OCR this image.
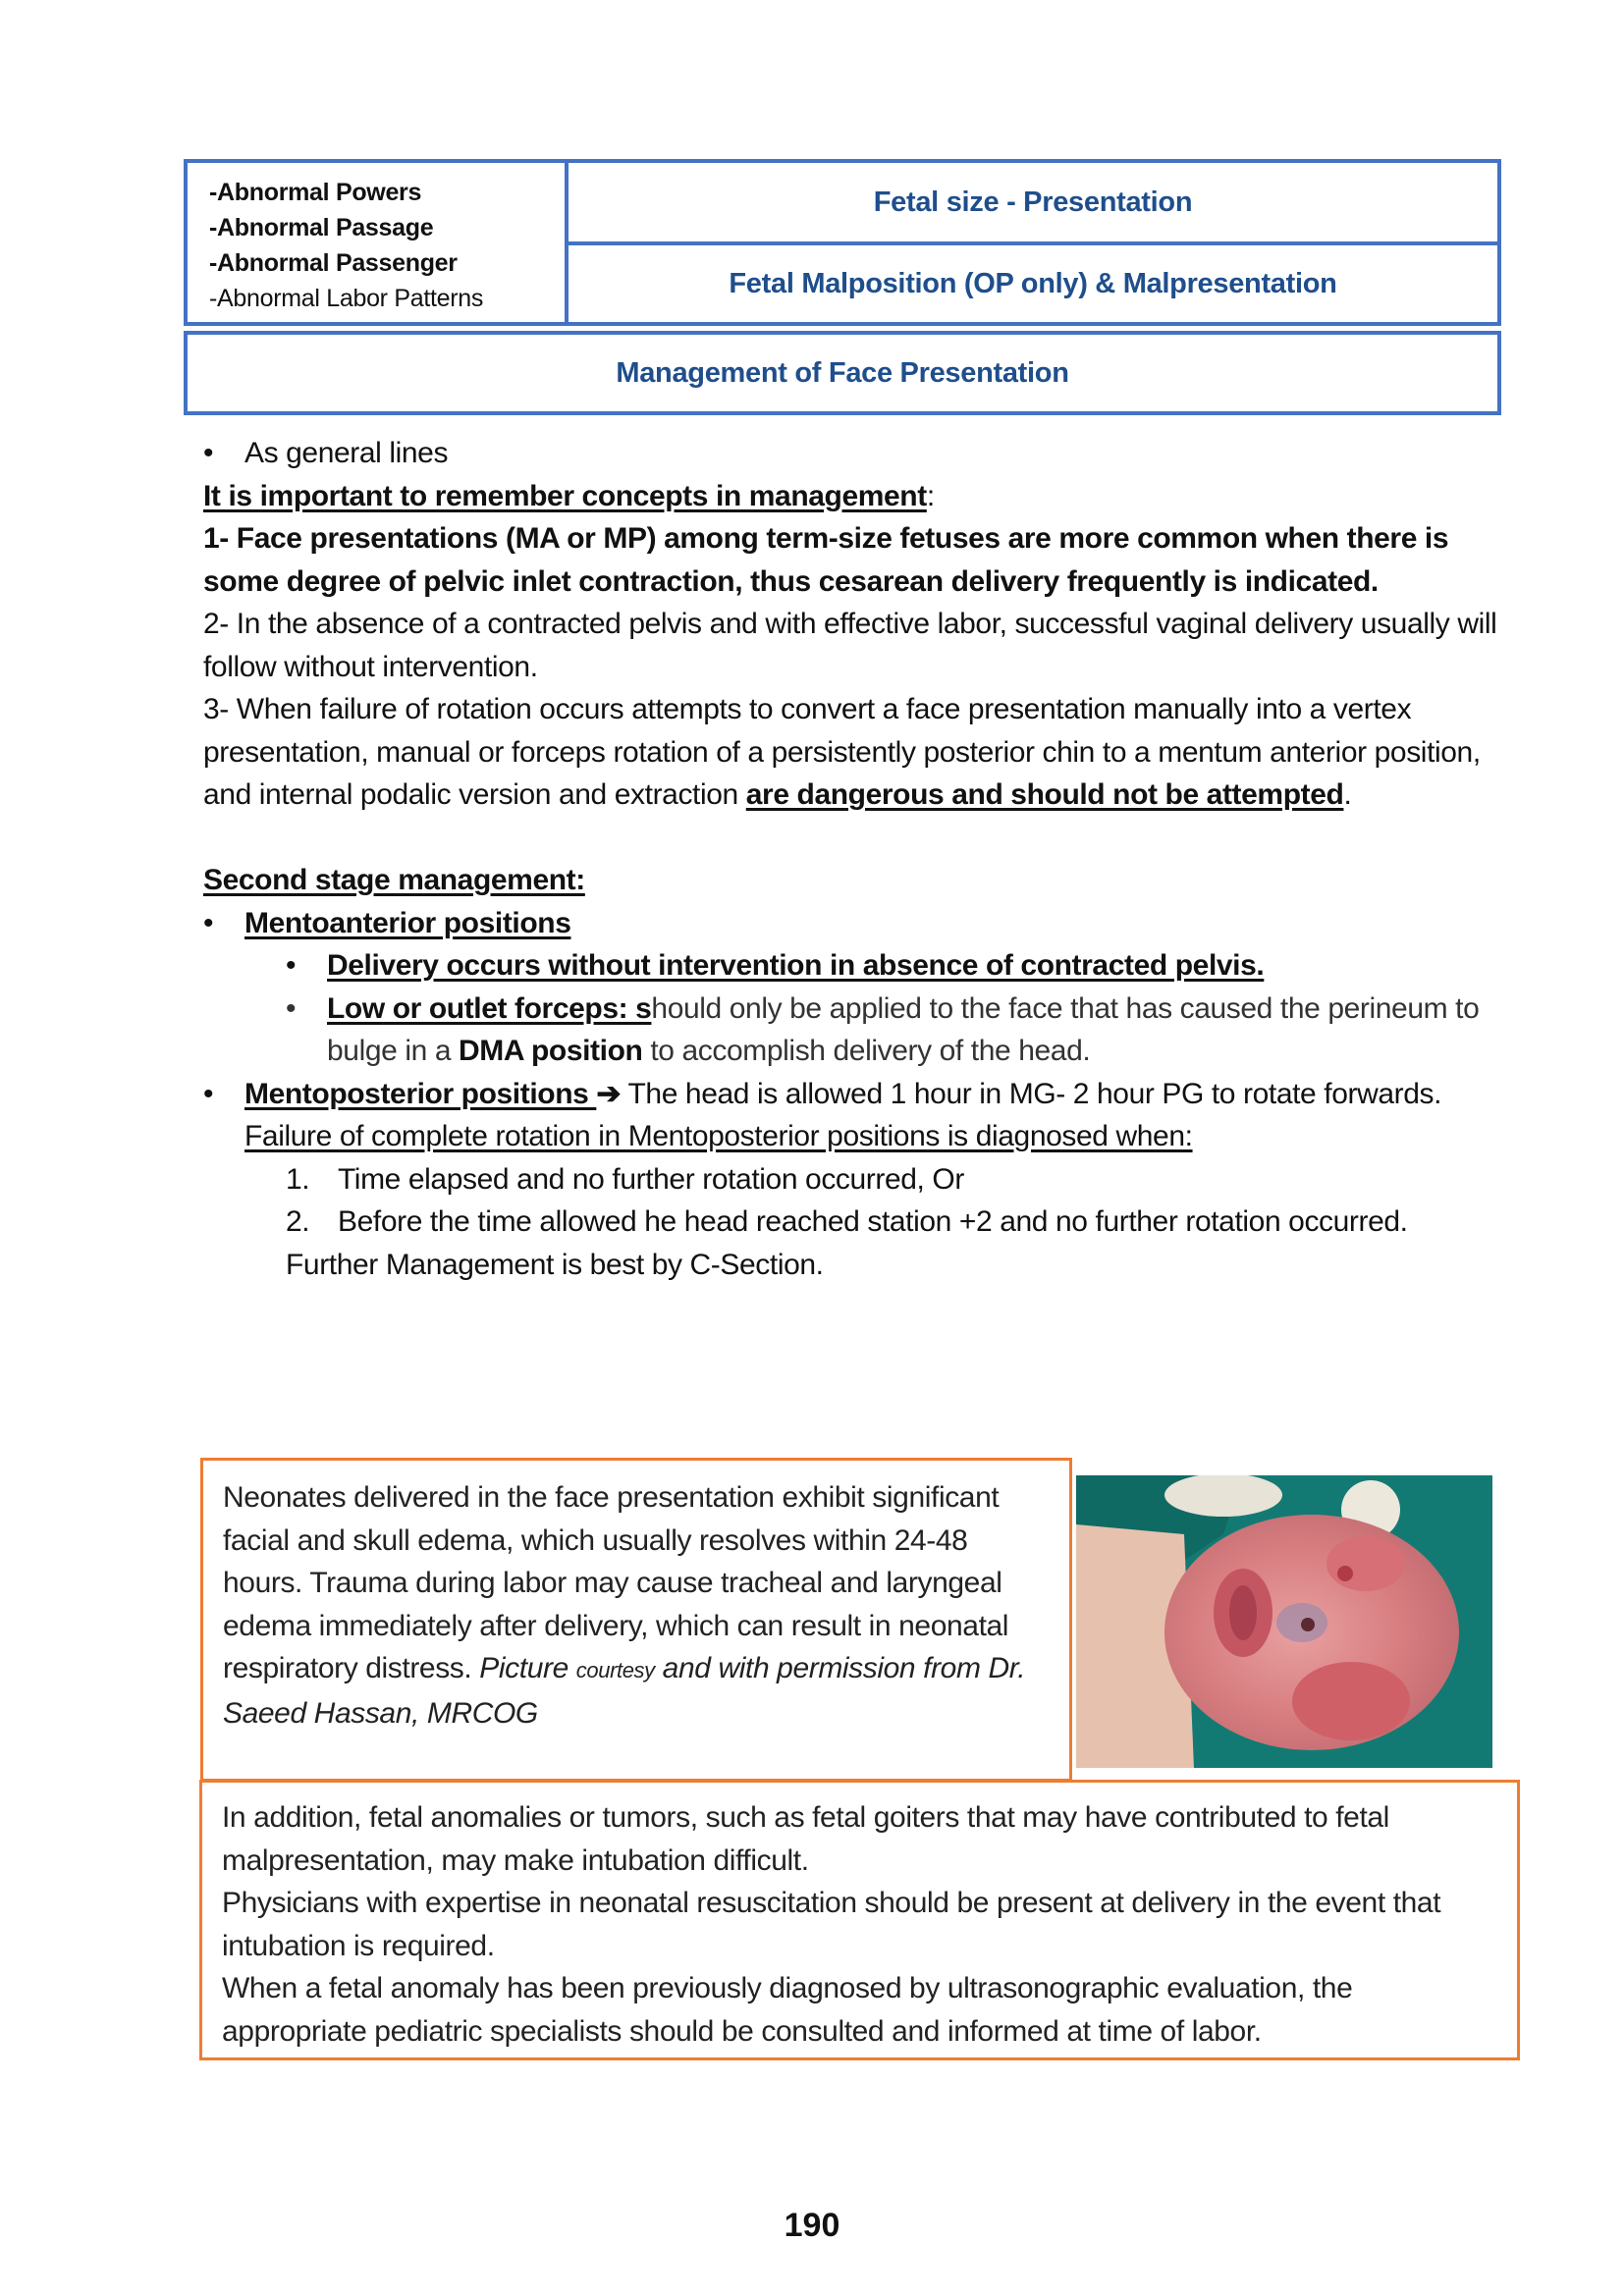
-Abnormal Powers
-Abnormal Passage
-Abnormal Passenger
-Abnormal Labor Patterns
Fetal size - Presentation
Fetal Malposition (OP only) & Malpresentation
Management of Face Presentation

• As general lines

It is important to remember concepts in management:

1- Face presentations (MA or MP) among term-size fetuses are more common when there is some degree of pelvic inlet contraction, thus cesarean delivery frequently is indicated.

2- In the absence of a contracted pelvis and with effective labor, successful vaginal delivery usually will follow without intervention.

3- When failure of rotation occurs attempts to convert a face presentation manually into a vertex presentation, manual or forceps rotation of a persistently posterior chin to a mentum anterior position, and internal podalic version and extraction are dangerous and should not be attempted.

Second stage management:

• Mentoanterior positions

• Delivery occurs without intervention in absence of contracted pelvis.

• Low or outlet forceps: should only be applied to the face that has caused the perineum to bulge in a DMA position to accomplish delivery of the head.

• Mentoposterior positions ➔ The head is allowed 1 hour in MG- 2 hour PG to rotate forwards. Failure of complete rotation in Mentoposterior positions is diagnosed when:

1. Time elapsed and no further rotation occurred, Or

2. Before the time allowed he head reached station +2 and no further rotation occurred.

Further Management is best by C-Section.

Neonates delivered in the face presentation exhibit significant facial and skull edema, which usually resolves within 24-48 hours. Trauma during labor may cause tracheal and laryngeal edema immediately after delivery, which can result in neonatal respiratory distress. Picture courtesy and with permission from Dr. Saeed Hassan, MRCOG

In addition, fetal anomalies or tumors, such as fetal goiters that may have contributed to fetal malpresentation, may make intubation difficult.

Physicians with expertise in neonatal resuscitation should be present at delivery in the event that intubation is required.

When a fetal anomaly has been previously diagnosed by ultrasonographic evaluation, the appropriate pediatric specialists should be consulted and informed at time of labor.

190
